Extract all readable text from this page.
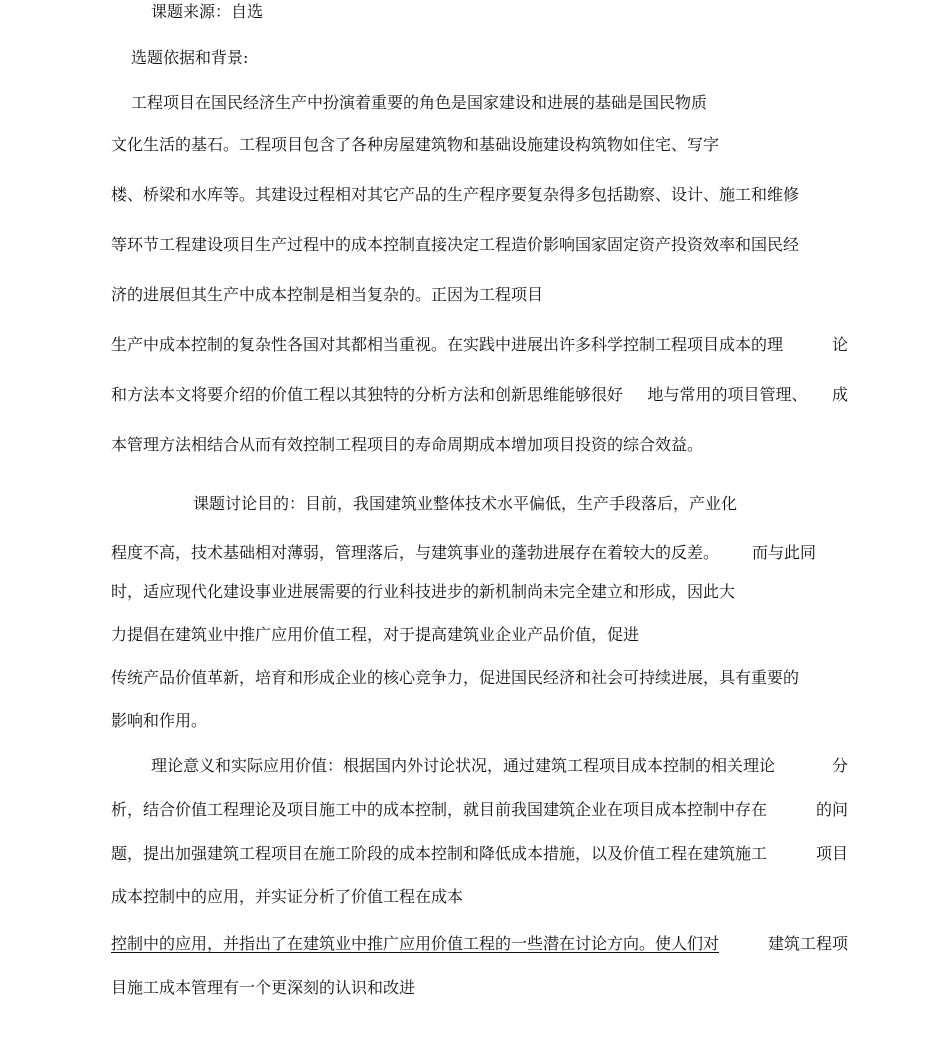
课题来源：自选
选题依据和背景:
工程项目在国民经济生产中扮演着重要的角色是国家建设和进展的基础是国民物质
文化生活的基石。工程项目包含了各种房屋建筑物和基础设施建设构筑物如住宅、写字
楼、桥梁和水库等。其建设过程相对其它产品的生产程序要复杂得多包括勘察、设计、施工和维修
等环节工程建设项目生产过程中的成本控制直接决定工程造价影响国家固定资产投资效率和国民经
济的进展但其生产中成本控制是相当复杂的。正因为工程项目
生产中成本控制的复杂性各国对其都相当重视。在实践中进展出许多科学控制工程项目成本的理	论
和方法本文将要介绍的价值工程以其独特的分析方法和创新思维能够很好 地与常用的项目管理、 成
本管理方法相结合从而有效控制工程项目的寿命周期成本增加项目投资的综合效益。
课题讨论目的：目前，我国建筑业整体技术水平偏低，生产手段落后，产业化
程度不高，技术基础相对薄弱，管理落后，与建筑事业的蓬勃进展存在着较大的反差。 而与此同
时，适应现代化建设事业进展需要的行业科技进步的新机制尚未完全建立和形成，因此大
力提倡在建筑业中推广应用价值工程，对于提高建筑业企业产品价值，促进
传统产品价值革新，培育和形成企业的核心竞争力，促进国民经济和社会可持续进展，具有重要的
影响和作用。
理论意义和实际应用价值：根据国内外讨论状况，通过建筑工程项目成本控制的相关理论	分
析，结合价值工程理论及项目施工中的成本控制，就目前我国建筑企业在项目成本控制中存在	的问
题，提出加强建筑工程项目在施工阶段的成本控制和降低成本措施，以及价值工程在建筑施工	项目
成本控制中的应用，并实证分析了价值工程在成本
控制中的应用，并指出了在建筑业中推广应用价值工程的一些潜在讨论方向。使人们对	建筑工程项
目施工成本管理有一个更深刻的认识和改进
